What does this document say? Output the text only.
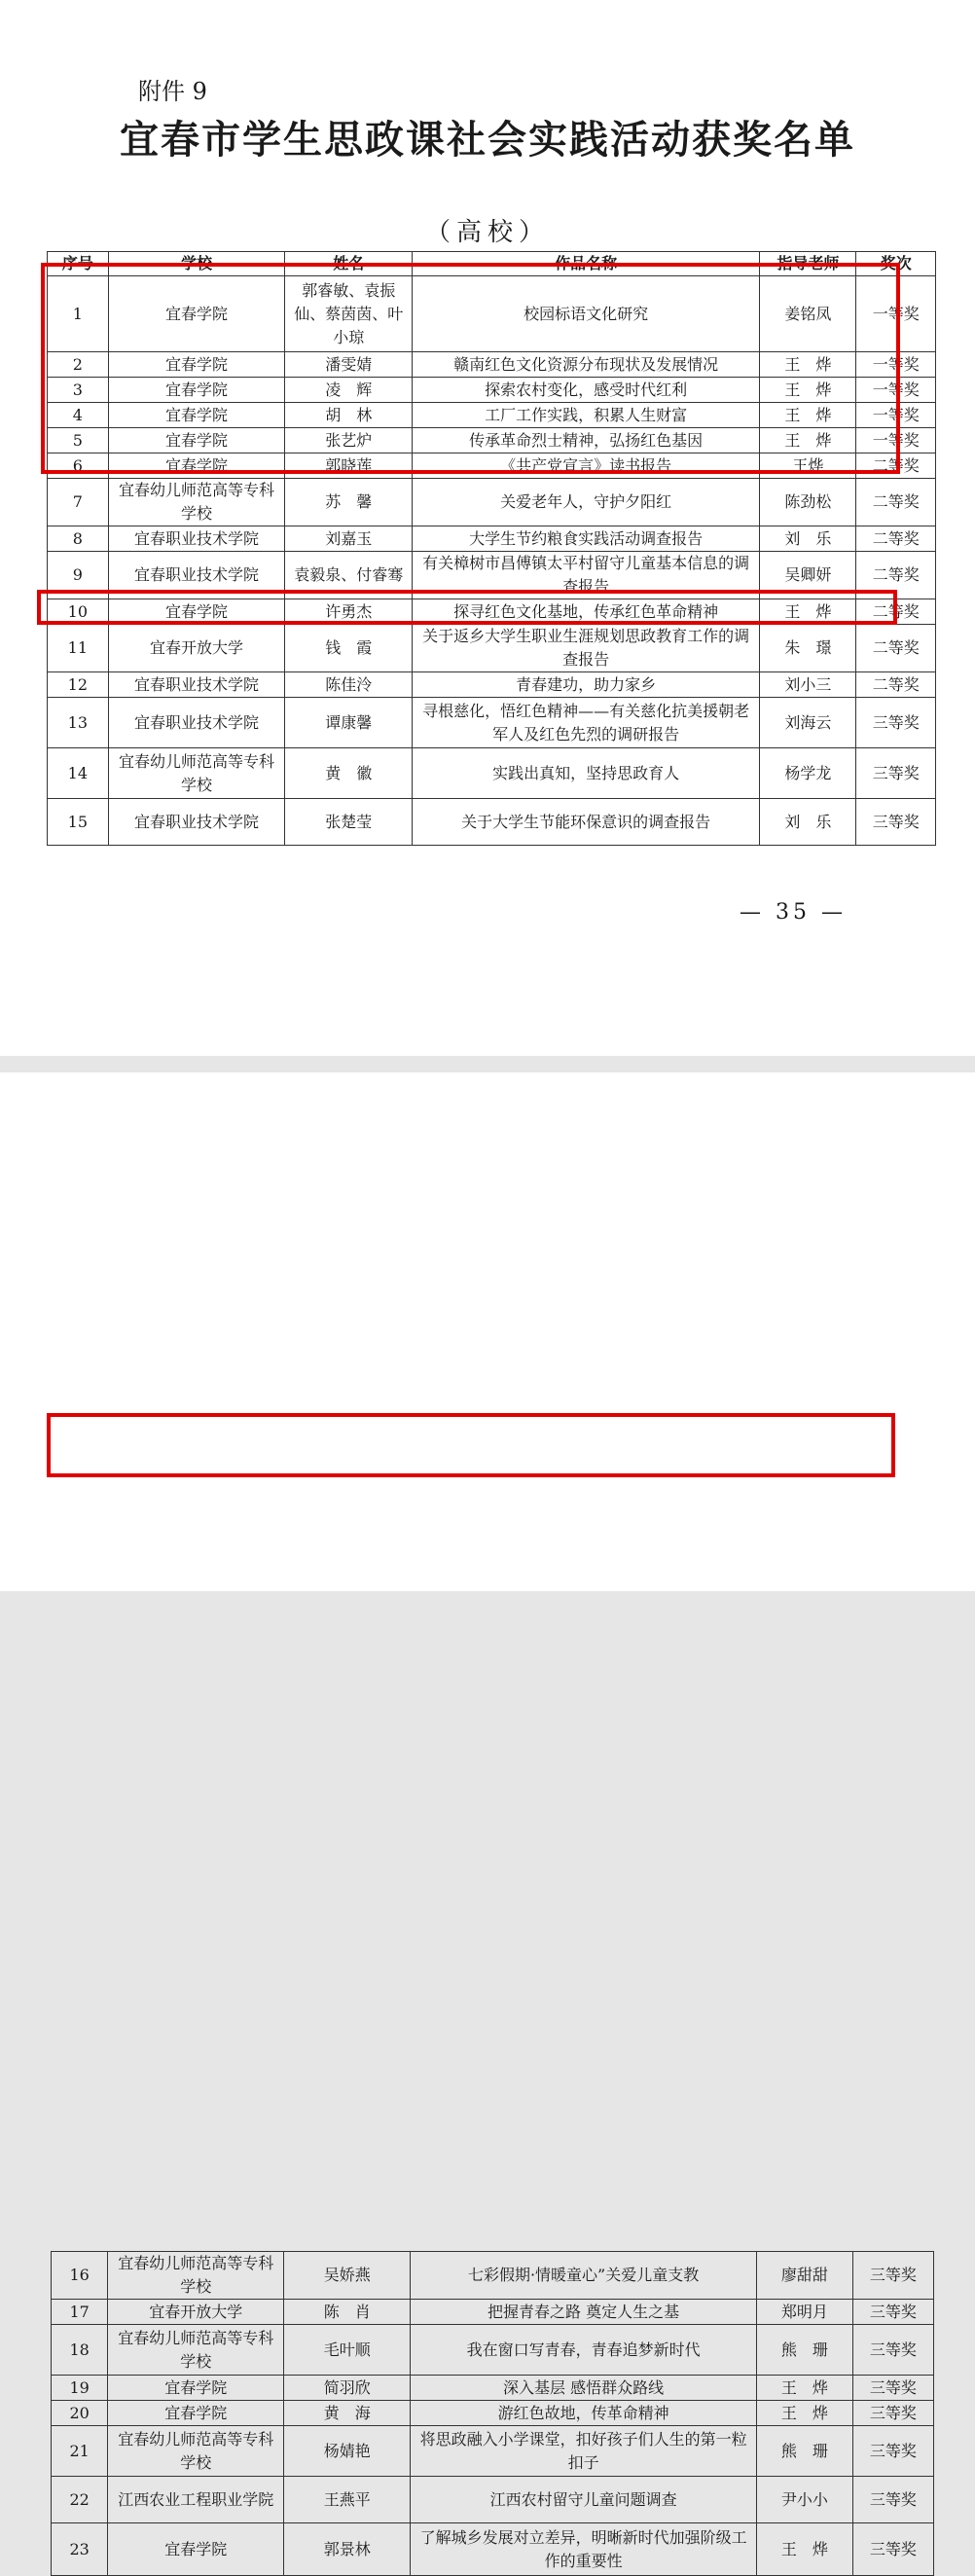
附件 9
宜春市学生思政课社会实践活动获奖名单
（高校）
序号	学校	姓名	作品名称	指导老师	奖次
1	宜春学院	郭睿敏、袁振仙、蔡茵茵、叶小琼	校园标语文化研究	姜铭凤	一等奖
2	宜春学院	潘雯婧	赣南红色文化资源分布现状及发展情况	王　烨	一等奖
3	宜春学院	凌　辉	探索农村变化，感受时代红利	王　烨	一等奖
4	宜春学院	胡　林	工厂工作实践，积累人生财富	王　烨	一等奖
5	宜春学院	张艺炉	传承革命烈士精神，弘扬红色基因	王　烨	一等奖
6	宜春学院	郭晓莲	《共产党宣言》读书报告	王烨	二等奖
7	宜春幼儿师范高等专科学校	苏　馨	关爱老年人，守护夕阳红	陈劲松	二等奖
8	宜春职业技术学院	刘嘉玉	大学生节约粮食实践活动调查报告	刘　乐	二等奖
9	宜春职业技术学院	袁毅泉、付睿骞	有关樟树市昌傅镇太平村留守儿童基本信息的调查报告	吴卿妍	二等奖
10	宜春学院	许勇杰	探寻红色文化基地，传承红色革命精神	王　烨	二等奖
11	宜春开放大学	钱　霞	关于返乡大学生职业生涯规划思政教育工作的调查报告	朱　璟	二等奖
12	宜春职业技术学院	陈佳泠	青春建功，助力家乡	刘小三	二等奖
13	宜春职业技术学院	谭康馨	寻根慈化，悟红色精神——有关慈化抗美援朝老军人及红色先烈的调研报告	刘海云	三等奖
14	宜春幼儿师范高等专科学校	黄　徽	实践出真知，坚持思政育人	杨学龙	三等奖
15	宜春职业技术学院	张楚莹	关于大学生节能环保意识的调查报告	刘　乐	三等奖
— 35 —
16	宜春幼儿师范高等专科学校	吴娇燕	七彩假期·情暖童心”关爱儿童支教	廖甜甜	三等奖
17	宜春开放大学	陈　肖	把握青春之路 奠定人生之基	郑明月	三等奖
18	宜春幼儿师范高等专科学校	毛叶顺	我在窗口写青春，青春追梦新时代	熊　珊	三等奖
19	宜春学院	简羽欣	深入基层 感悟群众路线	王　烨	三等奖
20	宜春学院	黄　海	游红色故地，传革命精神	王　烨	三等奖
21	宜春幼儿师范高等专科学校	杨婧艳	将思政融入小学课堂，扣好孩子们人生的第一粒扣子	熊　珊	三等奖
22	江西农业工程职业学院	王燕平	江西农村留守儿童问题调查	尹小小	三等奖
23	宜春学院	郭景林	了解城乡发展对立差异，明晰新时代加强阶级工作的重要性	王　烨	三等奖
